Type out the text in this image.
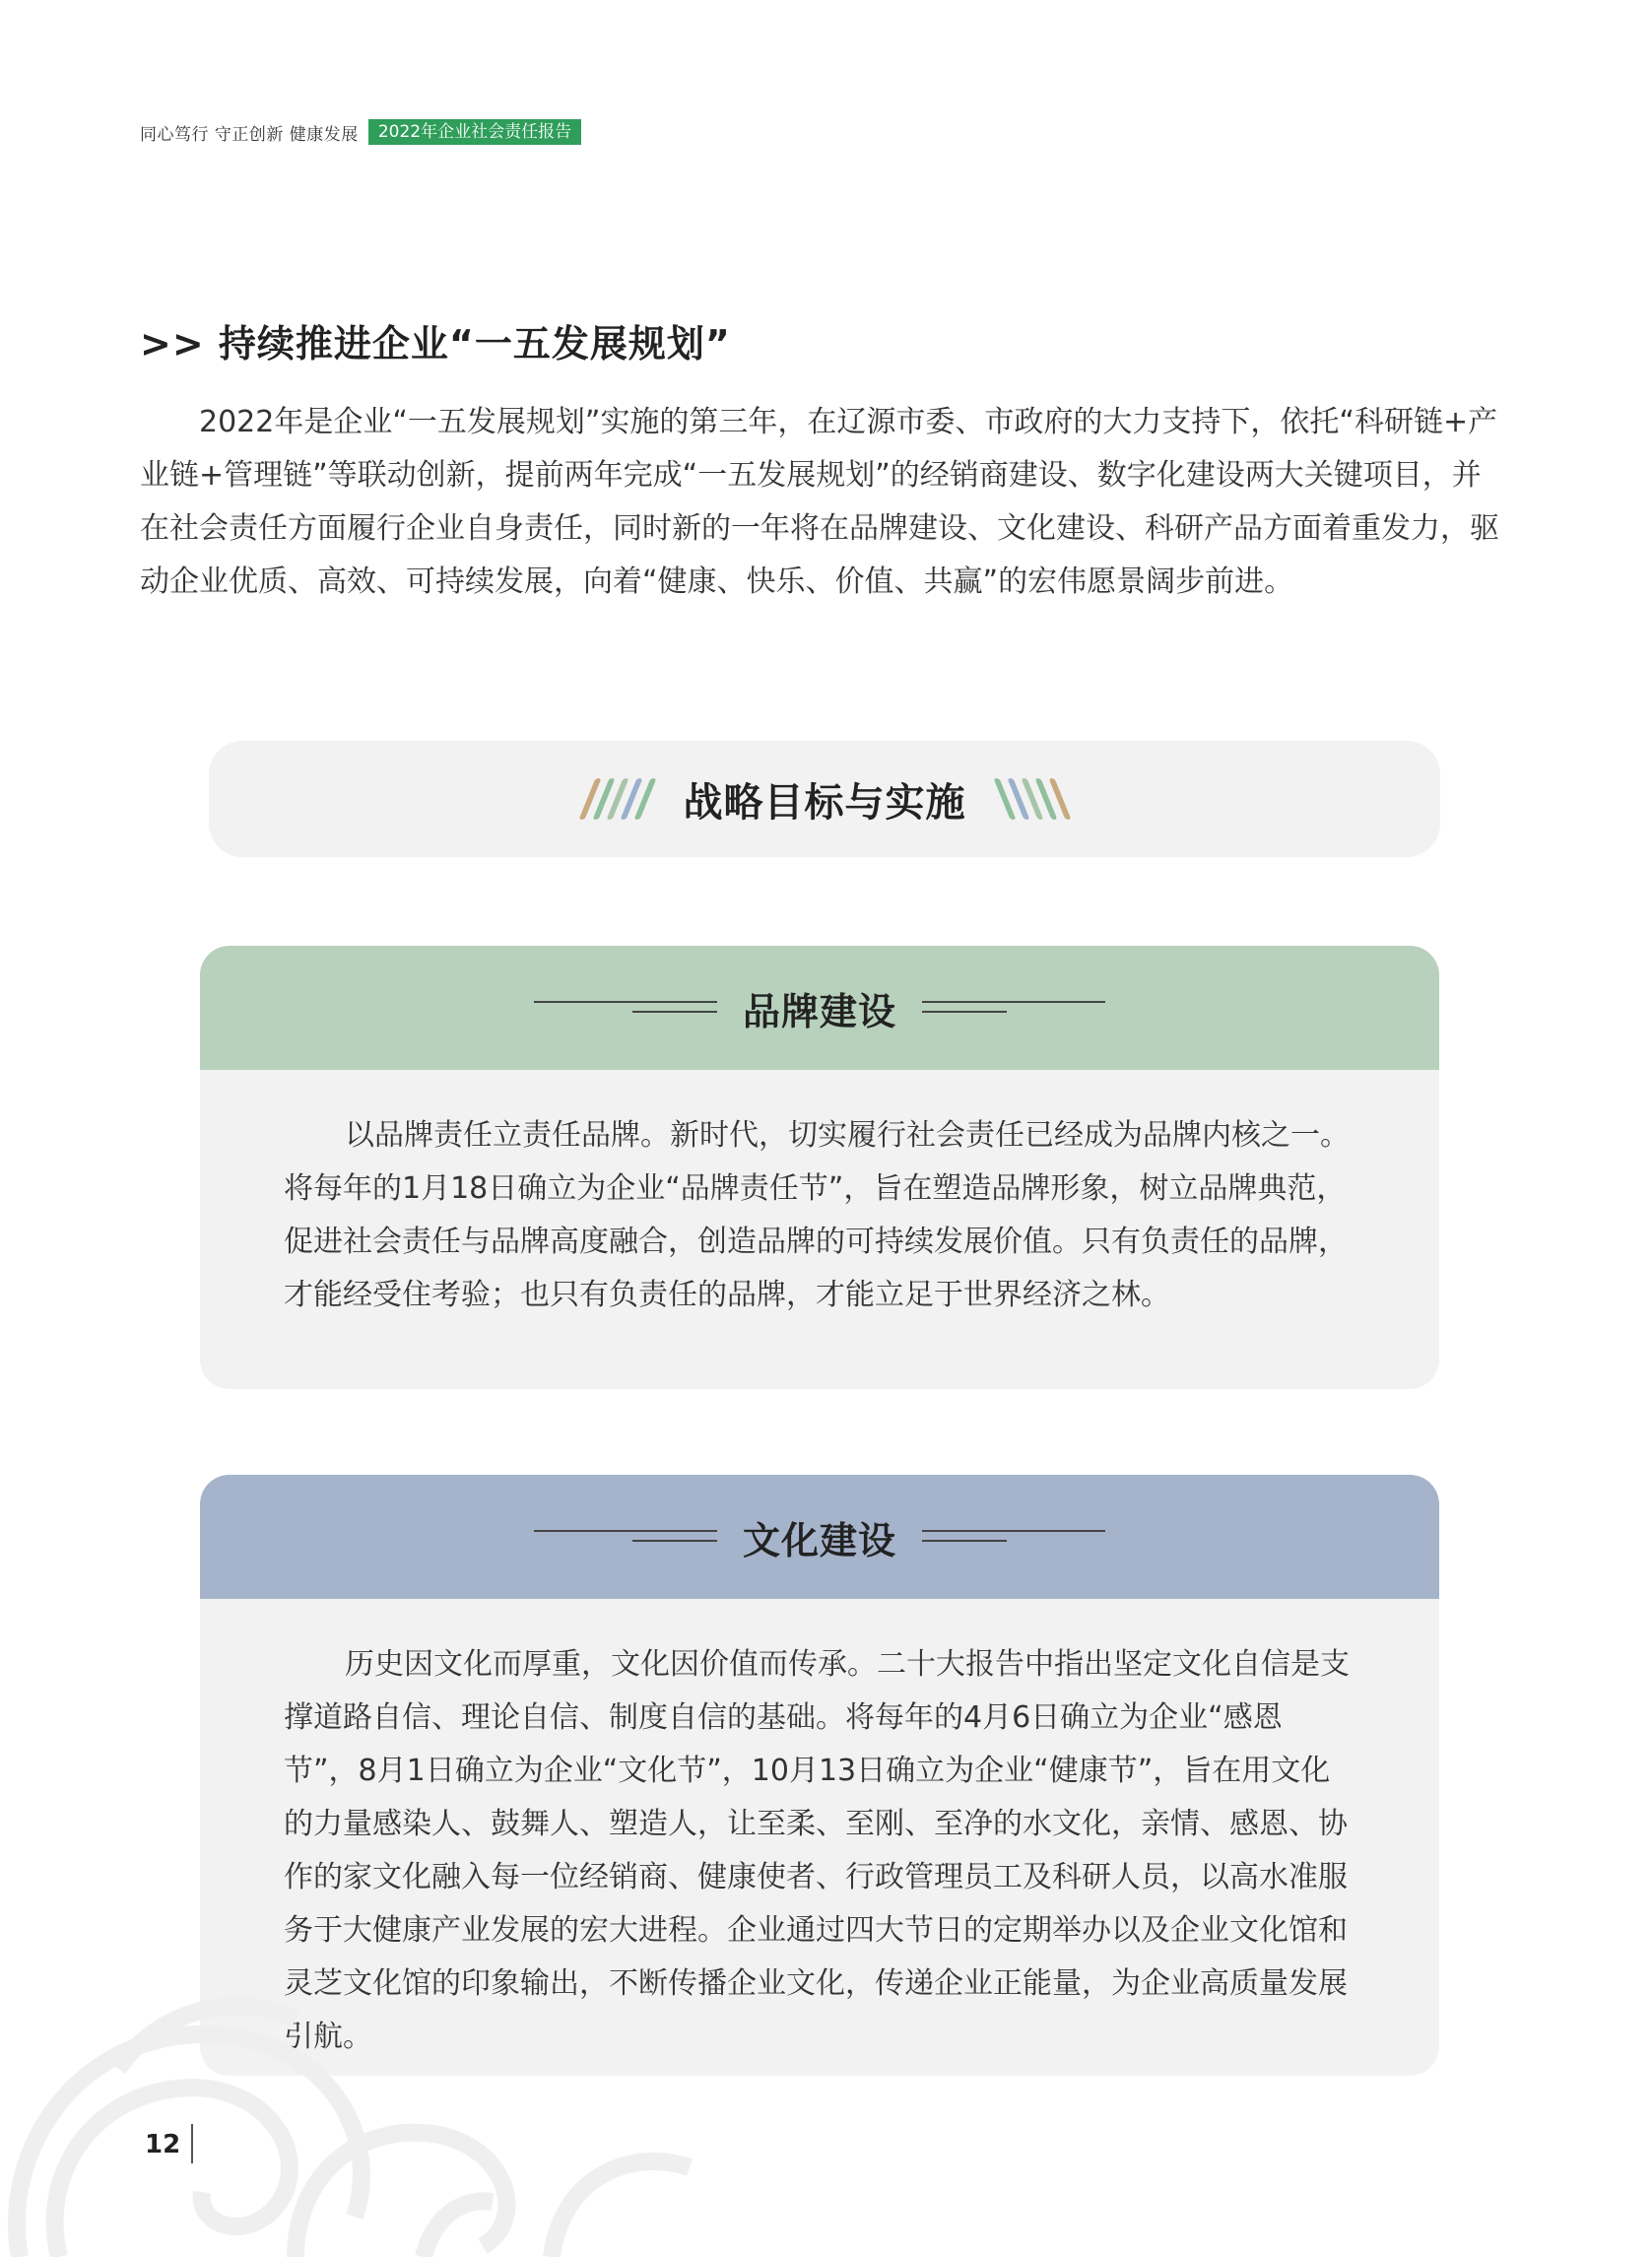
同心笃行 守正创新 健康发展	2022年企业社会责任报告
>> 持续推进企业“一五发展规划”

2022年是企业“一五发展规划”实施的第三年，在辽源市委、市政府的大力支持下，依托“科研链+产业链+管理链”等联动创新，提前两年完成“一五发展规划”的经销商建设、数字化建设两大关键项目，并在社会责任方面履行企业自身责任，同时新的一年将在品牌建设、文化建设、科研产品方面着重发力，驱动企业优质、高效、可持续发展，向着“健康、快乐、价值、共赢”的宏伟愿景阔步前进。

战略目标与实施
品牌建设

以品牌责任立责任品牌。新时代，切实履行社会责任已经成为品牌内核之一。将每年的1月18日确立为企业“品牌责任节”，旨在塑造品牌形象，树立品牌典范，促进社会责任与品牌高度融合，创造品牌的可持续发展价值。只有负责任的品牌，才能经受住考验；也只有负责任的品牌，才能立足于世界经济之林。

文化建设

历史因文化而厚重，文化因价值而传承。二十大报告中指出坚定文化自信是支撑道路自信、理论自信、制度自信的基础。将每年的4月6日确立为企业“感恩节”，8月1日确立为企业“文化节”，10月13日确立为企业“健康节”，旨在用文化的力量感染人、鼓舞人、塑造人，让至柔、至刚、至净的水文化，亲情、感恩、协作的家文化融入每一位经销商、健康使者、行政管理员工及科研人员，以高水准服务于大健康产业发展的宏大进程。企业通过四大节日的定期举办以及企业文化馆和灵芝文化馆的印象输出，不断传播企业文化，传递企业正能量，为企业高质量发展引航。

12
